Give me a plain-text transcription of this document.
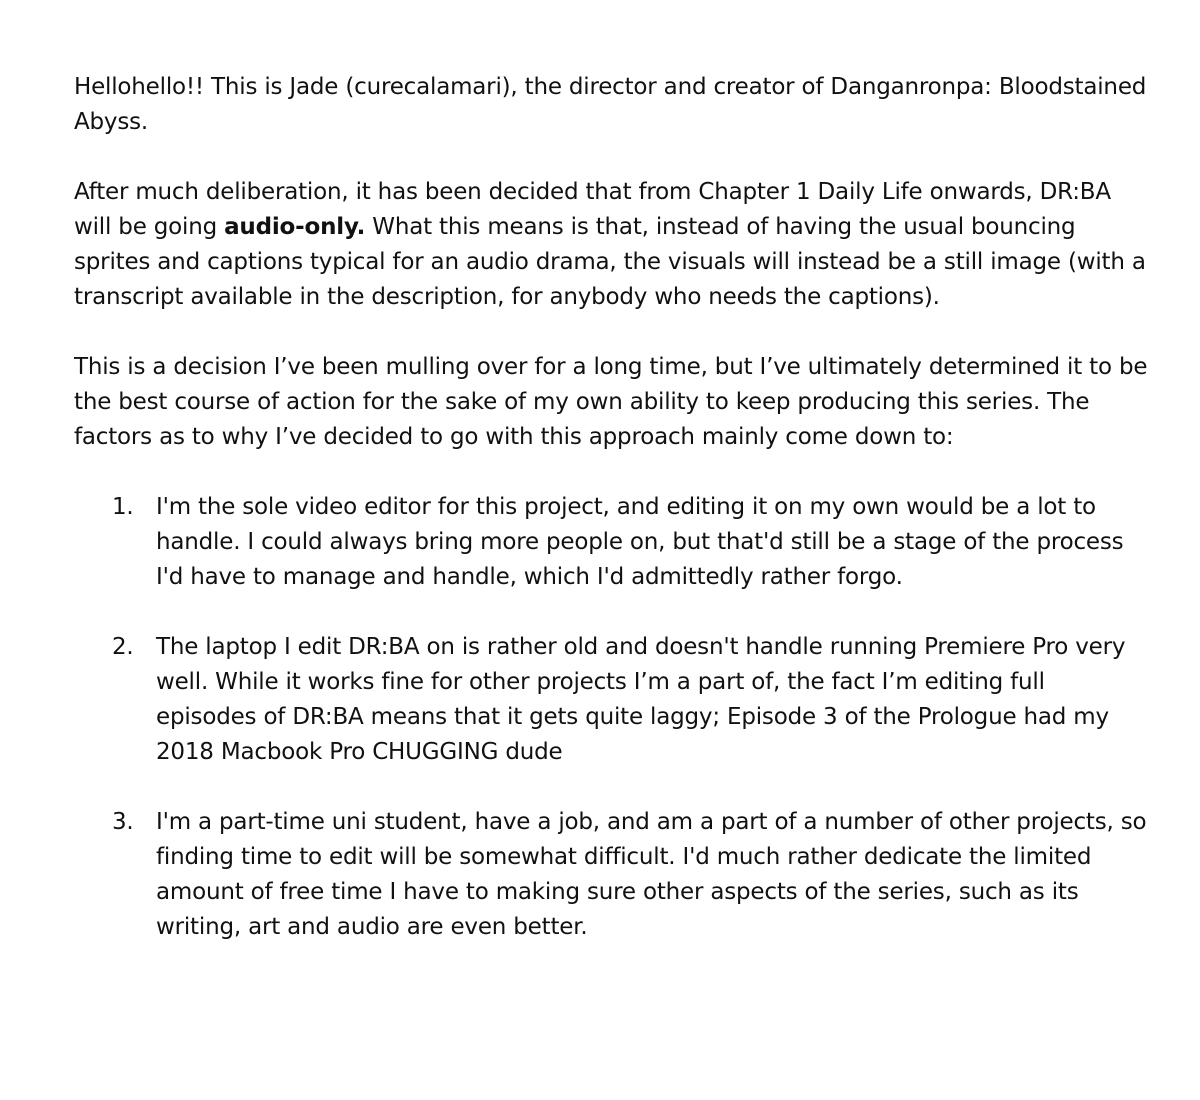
Hellohello!! This is Jade (curecalamari), the director and creator of Danganronpa: Bloodstained Abyss.

After much deliberation, it has been decided that from Chapter 1 Daily Life onwards, DR:BA will be going audio-only. What this means is that, instead of having the usual bouncing sprites and captions typical for an audio drama, the visuals will instead be a still image (with a transcript available in the description, for anybody who needs the captions).

This is a decision I’ve been mulling over for a long time, but I’ve ultimately determined it to be the best course of action for the sake of my own ability to keep producing this series. The factors as to why I’ve decided to go with this approach mainly come down to:

1. I'm the sole video editor for this project, and editing it on my own would be a lot to handle. I could always bring more people on, but that'd still be a stage of the process I'd have to manage and handle, which I'd admittedly rather forgo.
2. The laptop I edit DR:BA on is rather old and doesn't handle running Premiere Pro very well. While it works fine for other projects I’m a part of, the fact I’m editing full episodes of DR:BA means that it gets quite laggy; Episode 3 of the Prologue had my 2018 Macbook Pro CHUGGING dude
3. I'm a part-time uni student, have a job, and am a part of a number of other projects, so finding time to edit will be somewhat difficult. I'd much rather dedicate the limited amount of free time I have to making sure other aspects of the series, such as its writing, art and audio are even better.
